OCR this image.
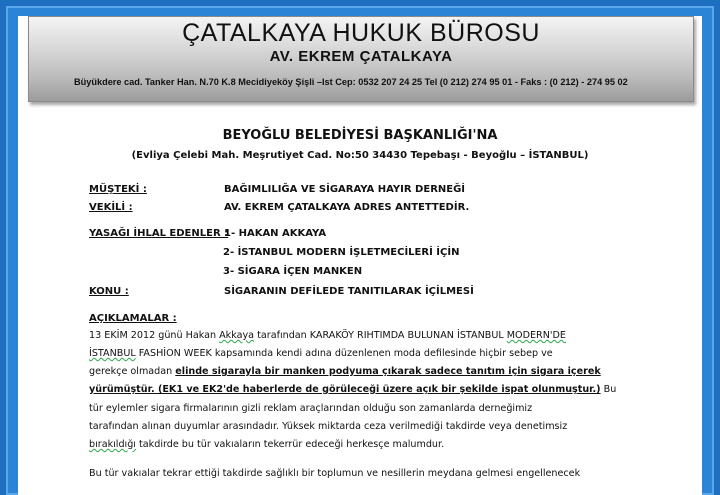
ÇATALKAYA HUKUK BÜROSU
AV. EKREM ÇATALKAYA
Büyükdere cad. Tanker Han. N.70 K.8 Mecidiyeköy Şişli –Ist Cep: 0532 207 24 25 Tel (0 212) 274 95 01 - Faks : (0 212) - 274 95 02
BEYOĞLU BELEDİYESİ BAŞKANLIĞI'NA
(Evliya Çelebi Mah. Meşrutiyet Cad. No:50 34430 Tepebaşı - Beyoğlu – İSTANBUL)
MÜŞTEKİ :	BAĞIMLILIĞA VE SİGARAYA HAYIR DERNEĞİ
VEKİLİ :	AV. EKREM ÇATALKAYA ADRES ANTETTEDİR.
YASAĞI İHLAL EDENLER :1- HAKAN AKKAYA
2- İSTANBUL MODERN İŞLETMECİLERİ İÇİN
3- SİGARA İÇEN MANKEN
KONU :	SİGARANIN DEFİLEDE TANITILARAK İÇİLMESİ
AÇIKLAMALAR :
13 EKİM 2012 günü Hakan Akkaya tarafından KARAKÖY RIHTIMDA BULUNAN İSTANBUL MODERN'DE
İSTANBUL FASHİON WEEK kapsamında kendi adına düzenlenen moda defilesinde hiçbir sebep ve
gerekçe olmadan elinde sigarayla bir manken podyuma çıkarak sadece tanıtım için sigara içerek
yürümüştür. (EK1 ve EK2'de haberlerde de görüleceği üzere açık bir şekilde ispat olunmuştur.) Bu
tür eylemler sigara firmalarının gizli reklam araçlarından olduğu son zamanlarda derneğimiz
tarafından alınan duyumlar arasındadır. Yüksek miktarda ceza verilmediği takdirde veya denetimsiz
bırakıldığı takdirde bu tür vakıaların tekerrür edeceği herkesçe malumdur.
Bu tür vakıalar tekrar ettiği takdirde sağlıklı bir toplumun ve nesillerin meydana gelmesi engellenecek
